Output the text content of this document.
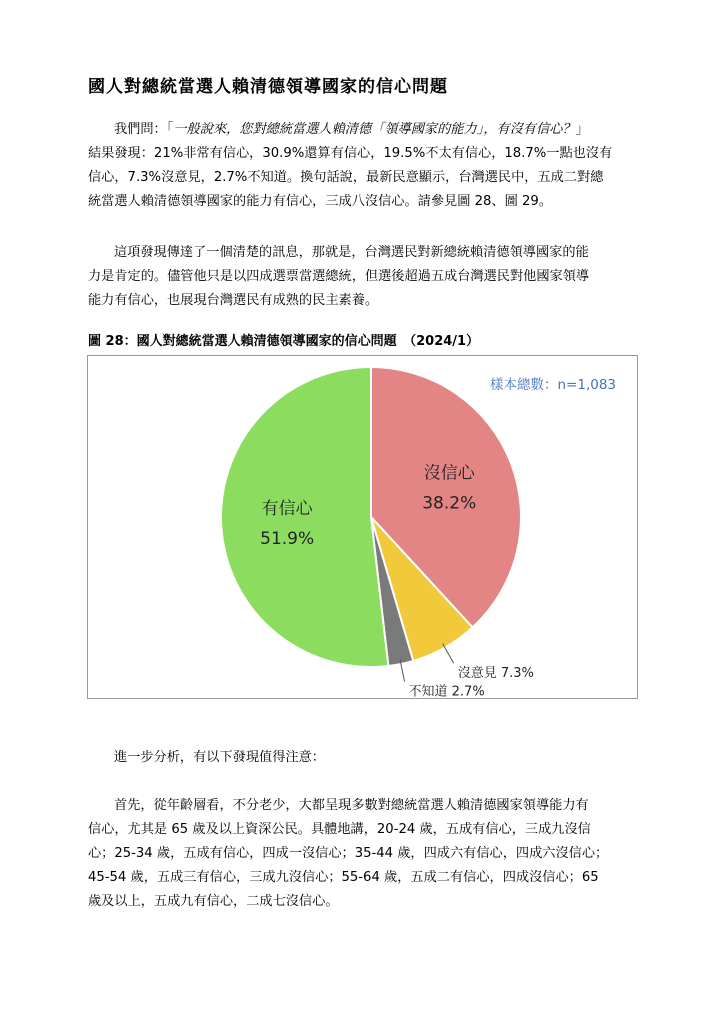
國人對總統當選人賴清德領導國家的信心問題
我們問：「一般說來，您對總統當選人賴清德「領導國家的能力」，有沒有信心？」
結果發現：21%非常有信心，30.9%還算有信心，19.5%不太有信心，18.7%一點也沒有
信心，7.3%沒意見，2.7%不知道。換句話說，最新民意顯示，台灣選民中，五成二對總
統當選人賴清德領導國家的能力有信心，三成八沒信心。請參見圖 28、圖 29。
這項發現傳達了一個清楚的訊息，那就是，台灣選民對新總統賴清德領導國家的能
力是肯定的。儘管他只是以四成選票當選總統，但選後超過五成台灣選民對他國家領導
能力有信心，也展現台灣選民有成熟的民主素養。
圖 28：國人對總統當選人賴清德領導國家的信心問題　（2024/1）
樣本總數：n=1,083
沒信心
38.2%
有信心
51.9%
沒意見 7.3%
不知道 2.7%
進一步分析，有以下發現值得注意：
首先，從年齡層看，不分老少，大都呈現多數對總統當選人賴清德國家領導能力有
信心，尤其是 65 歲及以上資深公民。具體地講，20-24 歲，五成有信心，三成九沒信
心；25-34 歲，五成有信心，四成一沒信心；35-44 歲，四成六有信心，四成六沒信心；
45-54 歲，五成三有信心，三成九沒信心；55-64 歲，五成二有信心，四成沒信心；65
歲及以上，五成九有信心，二成七沒信心。
